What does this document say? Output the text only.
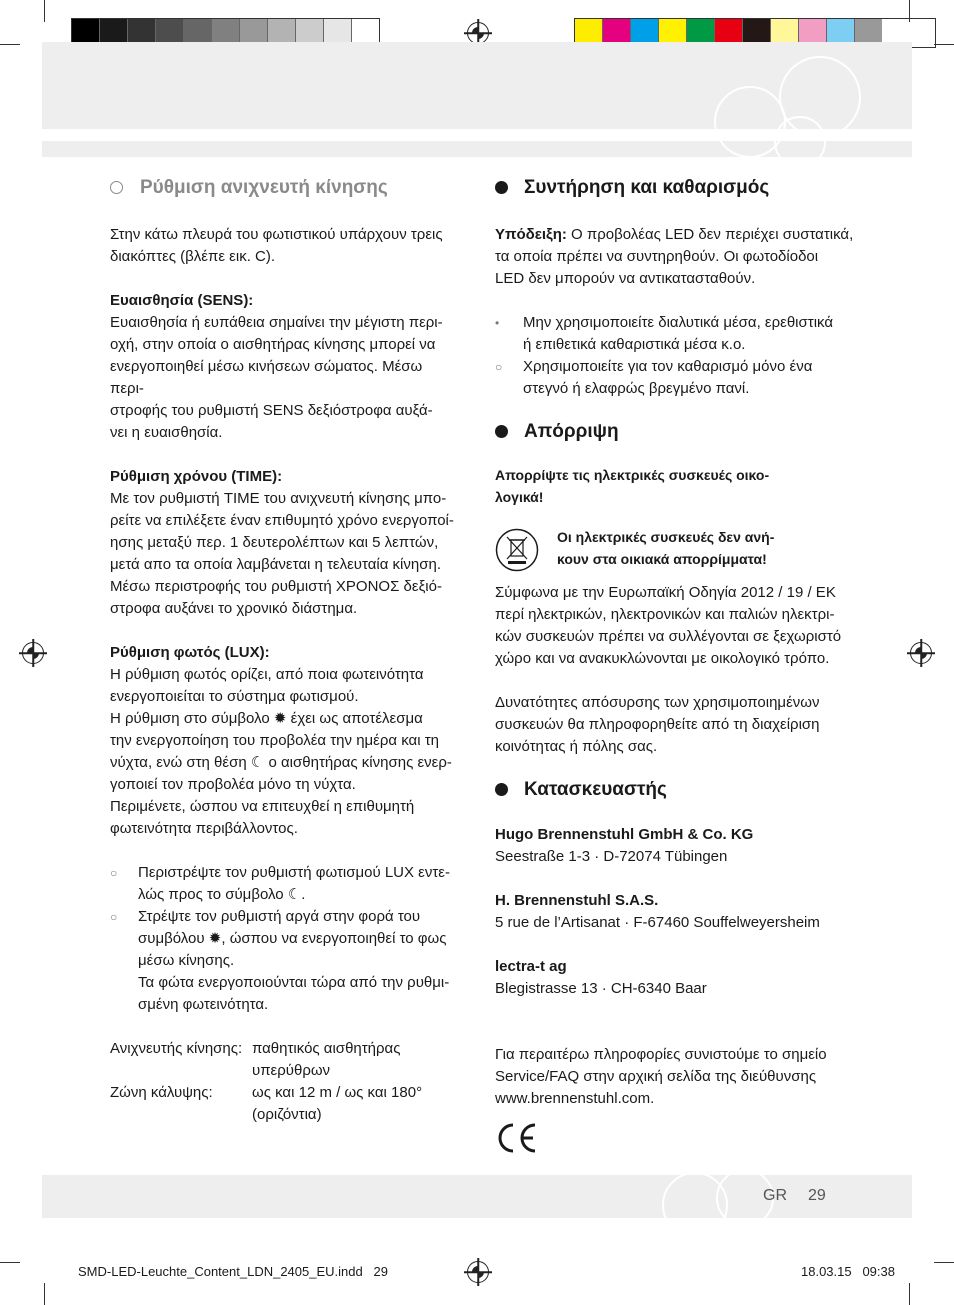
Ρύθμιση ανιχνευτή κίνησης

Στην κάτω πλευρά του φωτιστικού υπάρχουν τρεις

διακόπτες (βλέπε εικ. C).

Ευαισθησία (SENS):

Ευαισθησία ή ευπάθεια σημαίνει την μέγιστη περι-

οχή, στην οποία ο αισθητήρας κίνησης μπορεί να

ενεργοποιηθεί μέσω κινήσεων σώματος. Μέσω περι-

στροφής του ρυθμιστή SENS δεξιόστροφα αυξά-

νει η ευαισθησία.

Ρύθμιση χρόνου (TIME):

Με τον ρυθμιστή TIME του ανιχνευτή κίνησης μπο-

ρείτε να επιλέξετε έναν επιθυμητό χρόνο ενεργοποί-

ησης μεταξύ περ. 1 δευτερολέπτων και 5 λεπτών,

μετά απο τα οποία λαμβάνεται η τελευταία κίνηση.

Μέσω περιστροφής του ρυθμιστή ΧΡΟΝΟΣ δεξιό-

στροφα αυξάνει το χρονικό διάστημα.

Ρύθμιση φωτός (LUX):

Η ρύθμιση φωτός ορίζει, από ποια φωτεινότητα

ενεργοποιείται το σύστημα φωτισμού.

Η ρύθμιση στο σύμβολο ✹ έχει ως αποτέλεσμα

την ενεργοποίηση του προβολέα την ημέρα και τη

νύχτα, ενώ στη θέση ☾ ο αισθητήρας κίνησης ενερ-

γοποιεί τον προβολέα μόνο τη νύχτα.

Περιμένετε, ώσπου να επιτευχθεί η επιθυμητή

φωτεινότητα περιβάλλοντος.

○ Περιστρέψτε τον ρυθμιστή φωτισμού LUX εντε-

λώς προς το σύμβολο ☾.

○ Στρέψτε τον ρυθμιστή αργά στην φορά του

συμβόλου ✹, ώσπου να ενεργοποιηθεί το φως

μέσω κίνησης.

Τα φώτα ενεργοποιούνται τώρα από την ρυθμι-

σμένη φωτεινότητα.

Ανιχνευτής κίνησης: παθητικός αισθητήρας

υπερύθρων

Ζώνη κάλυψης:	ως και 12 m / ως και 180°

(οριζόντια)

Συντήρηση και καθαρισμός

Υπόδειξη: Ο προβολέας LED δεν περιέχει συστατικά,

τα οποία πρέπει να συντηρηθούν. Οι φωτοδίοδοι

LED δεν μπορούν να αντικατασταθούν.

• Μην χρησιμοποιείτε διαλυτικά μέσα, ερεθιστικά

ή επιθετικά καθαριστικά μέσα κ.ο.

○ Χρησιμοποιείτε για τον καθαρισμό μόνο ένα

στεγνό ή ελαφρώς βρεγμένο πανί.

Απόρριψη

Απορρίψτε τις ηλεκτρικές συσκευές οικο-

λογικά!

Οι ηλεκτρικές συσκευές δεν ανή-

κουν στα οικιακά απορρίμματα!

Σύμφωνα με την Ευρωπαϊκή Οδηγία 2012 / 19 / EK

περί ηλεκτρικών, ηλεκτρονικών και παλιών ηλεκτρι-

κών συσκευών πρέπει να συλλέγονται σε ξεχωριστό

χώρο και να ανακυκλώνονται με οικολογικό τρόπο.

Δυνατότητες απόσυρσης των χρησιμοποιημένων

συσκευών θα πληροφορηθείτε από τη διαχείριση

κοινότητας ή πόλης σας.

Κατασκευαστής

Hugo Brennenstuhl GmbH & Co. KG

Seestraße 1-3 · D-72074 Tübingen

H. Brennenstuhl S.A.S.

5 rue de l’Artisanat · F-67460 Souffelweyersheim

lectra-t ag

Blegistrasse 13 · CH-6340 Baar

Για περαιτέρω πληροφορίες συνιστούμε το σημείο

Service/FAQ στην αρχική σελίδα της διεύθυνσης

www.brennenstuhl.com.

GR 29
SMD-LED-Leuchte_Content_LDN_2405_EU.indd   29	18.03.15   09:38
